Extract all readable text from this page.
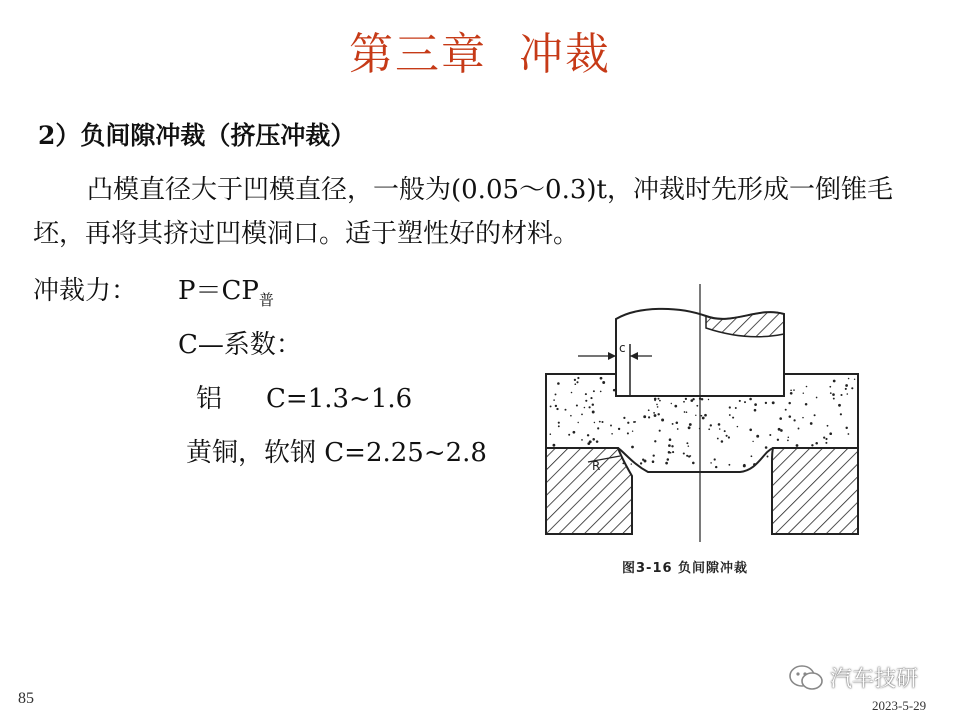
第三章  冲裁
2）负间隙冲裁（挤压冲裁）
凸模直径大于凹模直径，一般为(0.05～0.3)t，冲裁时先形成一倒锥毛坯，再将其挤过凹模洞口。适于塑性好的材料。
冲裁力： $P=CP_普$
C—系数：
铝 C=1.3~1.6
黄铜，软钢 C=2.25~2.8
c
R
图3-16 负间隙冲裁
85
汽车技研
2023-5-29
